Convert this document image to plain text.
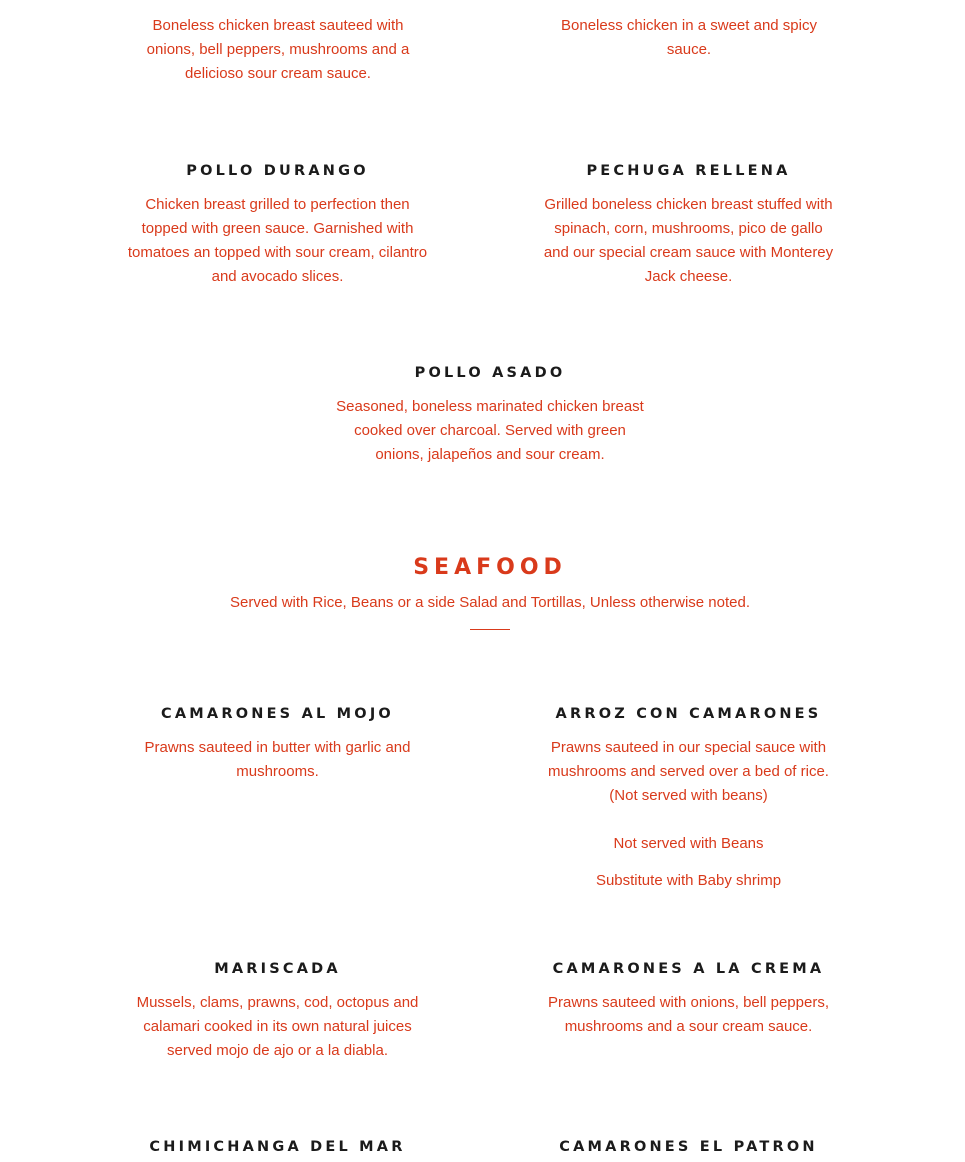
Boneless chicken breast sauteed with onions, bell peppers, mushrooms and a delicioso sour cream sauce.

Boneless chicken in a sweet and spicy sauce.

POLLO DURANGO

Chicken breast grilled to perfection then topped with green sauce. Garnished with tomatoes an topped with sour cream, cilantro and avocado slices.

PECHUGA RELLENA

Grilled boneless chicken breast stuffed with spinach, corn, mushrooms, pico de gallo and our special cream sauce with Monterey Jack cheese.

POLLO ASADO

Seasoned, boneless marinated chicken breast cooked over charcoal. Served with green onions, jalapeños and sour cream.

SEAFOOD

Served with Rice, Beans or a side Salad and Tortillas, Unless otherwise noted.

CAMARONES AL MOJO

Prawns sauteed in butter with garlic and mushrooms.

ARROZ CON CAMARONES

Prawns sauteed in our special sauce with mushrooms and served over a bed of rice. (Not served with beans)

Not served with Beans

Substitute with Baby shrimp

MARISCADA

Mussels, clams, prawns, cod, octopus and calamari cooked in its own natural juices served mojo de ajo or a la diabla.

CAMARONES A LA CREMA

Prawns sauteed with onions, bell peppers, mushrooms and a sour cream sauce.

CHIMICHANGA DEL MAR	CAMARONES EL PATRON
